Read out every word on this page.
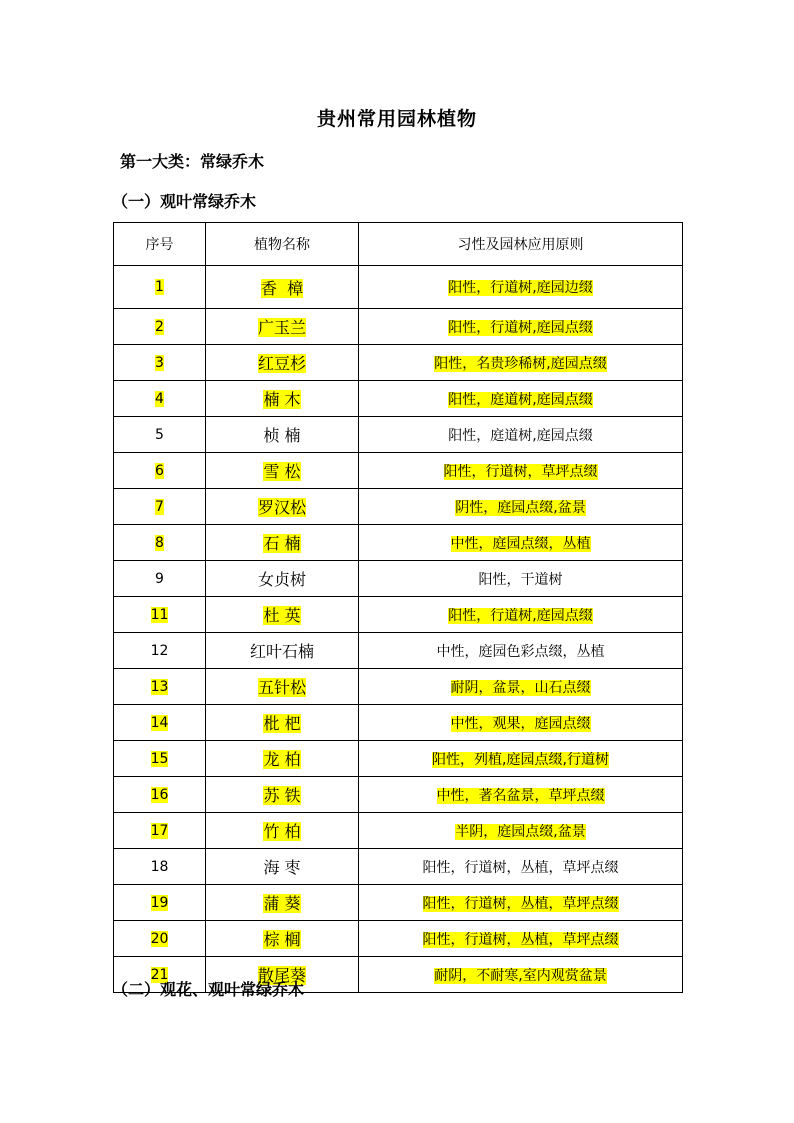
贵州常用园林植物
第一大类：常绿乔木
（一）观叶常绿乔木
序号	植物名称	习性及园林应用原则
1	香  樟	阳性，行道树,庭园边缀
2	广玉兰	阳性，行道树,庭园点缀
3	红豆杉	阳性，名贵珍稀树,庭园点缀
4	楠 木	阳性，庭道树,庭园点缀
5	桢 楠	阳性，庭道树,庭园点缀
6	雪 松	阳性，行道树，草坪点缀
7	罗汉松	阴性，庭园点缀,盆景
8	石 楠	中性，庭园点缀，丛植
9	女贞树	阳性，干道树
11	杜 英	阳性，行道树,庭园点缀
12	红叶石楠	中性，庭园色彩点缀，丛植
13	五针松	耐阴，盆景，山石点缀
14	枇 杷	中性，观果，庭园点缀
15	龙 柏	阳性，列植,庭园点缀,行道树
16	苏 铁	中性，著名盆景，草坪点缀
17	竹 柏	半阴，庭园点缀,盆景
18	海 枣	阳性，行道树，丛植，草坪点缀
19	蒲 葵	阳性，行道树，丛植，草坪点缀
20	棕 榈	阳性，行道树，丛植，草坪点缀
21	散尾葵	耐阴，不耐寒,室内观赏盆景
（二）观花、观叶常绿乔木
